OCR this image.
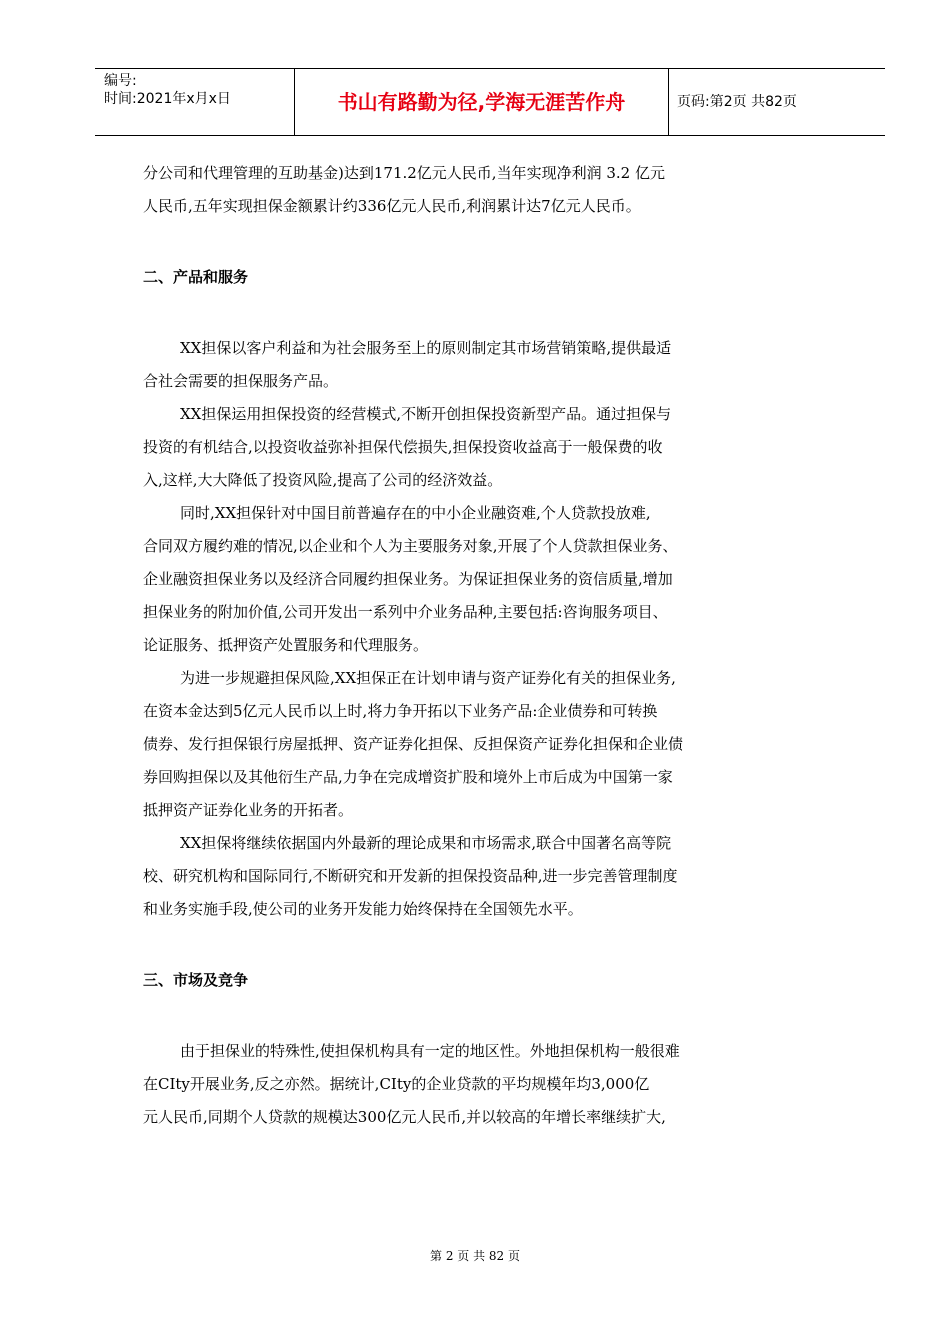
编号:
时间:2021年x月x日	书山有路勤为径,学海无涯苦作舟	页码:第2页 共82页

分公司和代理管理的互助基金)达到171.2亿元人民币,当年实现净利润 3.2 亿元
人民币,五年实现担保金额累计约336亿元人民币,利润累计达7亿元人民币。

二、产品和服务

XX担保以客户利益和为社会服务至上的原则制定其市场营销策略,提供最适
合社会需要的担保服务产品。

XX担保运用担保投资的经营模式,不断开创担保投资新型产品。通过担保与
投资的有机结合,以投资收益弥补担保代偿损失,担保投资收益高于一般保费的收
入,这样,大大降低了投资风险,提高了公司的经济效益。

同时,XX担保针对中国目前普遍存在的中小企业融资难,个人贷款投放难,
合同双方履约难的情况,以企业和个人为主要服务对象,开展了个人贷款担保业务、
企业融资担保业务以及经济合同履约担保业务。为保证担保业务的资信质量,增加
担保业务的附加价值,公司开发出一系列中介业务品种,主要包括:咨询服务项目、
论证服务、抵押资产处置服务和代理服务。

为进一步规避担保风险,XX担保正在计划申请与资产证券化有关的担保业务,
在资本金达到5亿元人民币以上时,将力争开拓以下业务产品:企业债券和可转换
债券、发行担保银行房屋抵押、资产证券化担保、反担保资产证券化担保和企业债
券回购担保以及其他衍生产品,力争在完成增资扩股和境外上市后成为中国第一家
抵押资产证券化业务的开拓者。

XX担保将继续依据国内外最新的理论成果和市场需求,联合中国著名高等院
校、研究机构和国际同行,不断研究和开发新的担保投资品种,进一步完善管理制度
和业务实施手段,使公司的业务开发能力始终保持在全国领先水平。

三、市场及竞争

由于担保业的特殊性,使担保机构具有一定的地区性。外地担保机构一般很难
在CIty开展业务,反之亦然。据统计,CIty的企业贷款的平均规模年均3,000亿
元人民币,同期个人贷款的规模达300亿元人民币,并以较高的年增长率继续扩大,

第 2 页 共 82 页
